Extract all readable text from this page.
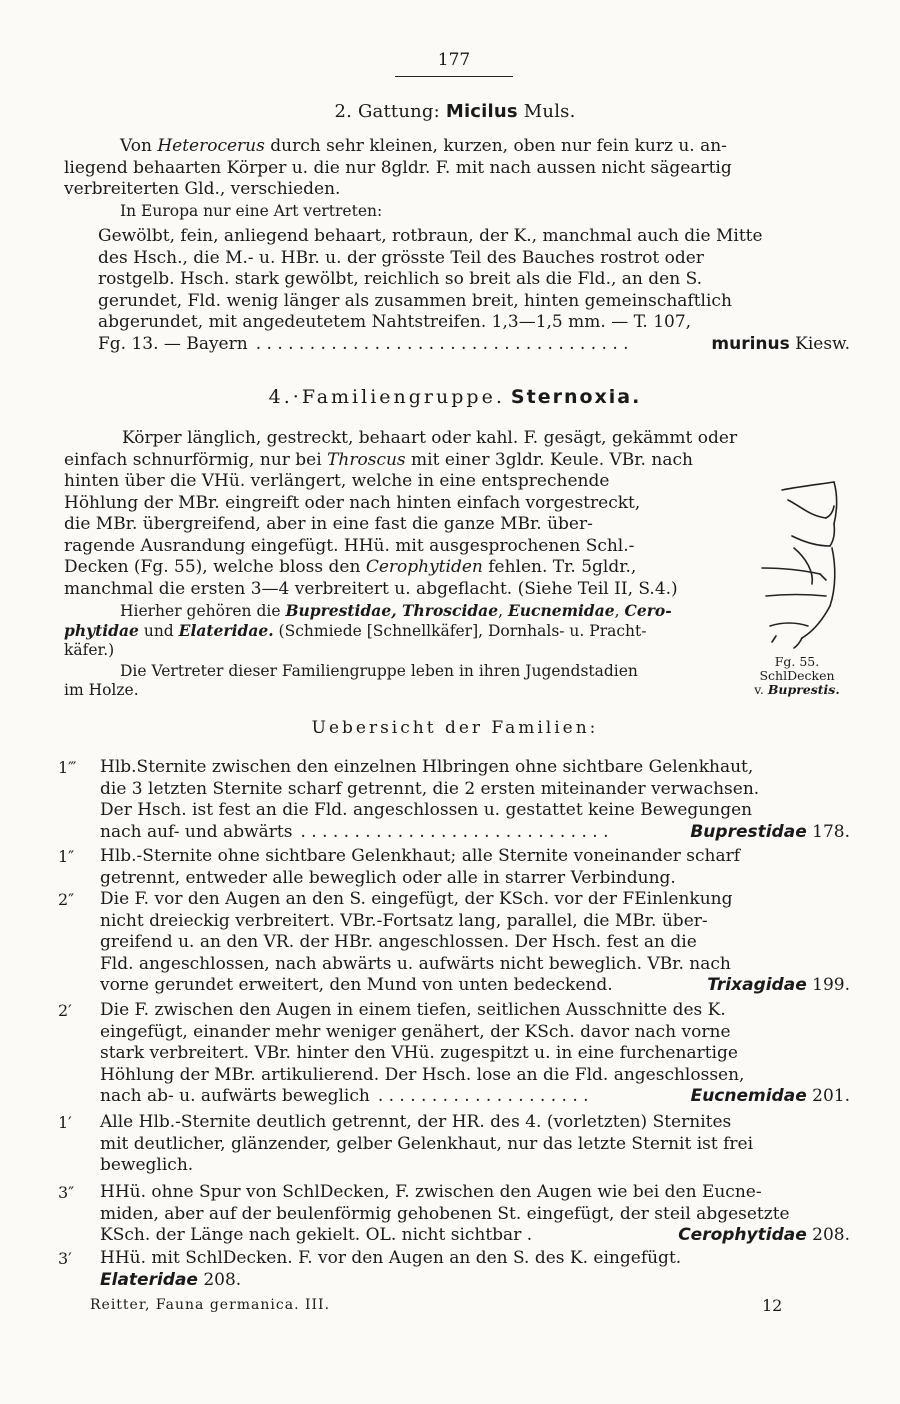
177
2. Gattung: Micilus Muls.

Von Heterocerus durch sehr kleinen, kurzen, oben nur fein kurz u. an-

liegend behaarten Körper u. die nur 8gldr. F. mit nach aussen nicht sägeartig
verbreiterten Gld., verschieden.

In Europa nur eine Art vertreten:

Gewölbt, fein, anliegend behaart, rotbraun, der K., manchmal auch die Mitte
des Hsch., die M.- u. HBr. u. der grösste Teil des Bauches rostrot oder
rostgelb. Hsch. stark gewölbt, reichlich so breit als die Fld., an den S.
gerundet, Fld. wenig länger als zusammen breit, hinten gemeinschaftlich
abgerundet, mit angedeutetem Nahtstreifen. 1,3—1,5 mm. — T. 107,

Fg. 13. — Bayern . . . . . . . . . . . . . . . . . . . . . . . . . . . . . . . . . . .	murinus Kiesw.
4.·Familiengruppe. Sternoxia.

Körper länglich, gestreckt, behaart oder kahl. F. gesägt, gekämmt oder
einfach schnurförmig, nur bei Throscus mit einer 3gldr. Keule. VBr. nach

hinten über die VHü. verlängert, welche in eine entsprechende
Höhlung der MBr. eingreift oder nach hinten einfach vorgestreckt,
die MBr. übergreifend, aber in eine fast die ganze MBr. über-
ragende Ausrandung eingefügt. HHü. mit ausgesprochenen Schl.-
Decken (Fg. 55), welche bloss den Cerophytiden fehlen. Tr. 5gldr.,
manchmal die ersten 3—4 verbreitert u. abgeflacht. (Siehe Teil II, S.4.)

Hierher gehören die Buprestidae, Throscidae, Eucnemidae, Cero-
phytidae und Elateridae. (Schmiede [Schnellkäfer], Dornhals- u. Pracht-
käfer.)

Die Vertreter dieser Familiengruppe leben in ihren Jugendstadien
im Holze.

Fg. 55.
SchlDecken
v. Buprestis.
Uebersicht der Familien:
1‴	Hlb.Sternite zwischen den einzelnen Hlbringen ohne sichtbare Gelenkhaut,
die 3 letzten Sternite scharf getrennt, die 2 ersten miteinander verwachsen.
Der Hsch. ist fest an die Fld. angeschlossen u. gestattet keine Bewegungen
nach auf- und abwärts . . . . . . . . . . . . . . . . . . . . . . . . . . . . .	Buprestidae 178.
1″	Hlb.-Sternite ohne sichtbare Gelenkhaut; alle Sternite voneinander scharf
getrennt, entweder alle beweglich oder alle in starrer Verbindung.
2″	Die F. vor den Augen an den S. eingefügt, der KSch. vor der FEinlenkung
nicht dreieckig verbreitert. VBr.-Fortsatz lang, parallel, die MBr. über-
greifend u. an den VR. der HBr. angeschlossen. Der Hsch. fest an die
Fld. angeschlossen, nach abwärts u. aufwärts nicht beweglich. VBr. nach
vorne gerundet erweitert, den Mund von unten bedeckend.	Trixagidae 199.
2′	Die F. zwischen den Augen in einem tiefen, seitlichen Ausschnitte des K.
eingefügt, einander mehr weniger genähert, der KSch. davor nach vorne
stark verbreitert. VBr. hinter den VHü. zugespitzt u. in eine furchenartige
Höhlung der MBr. artikulierend. Der Hsch. lose an die Fld. angeschlossen,
nach ab- u. aufwärts beweglich . . . . . . . . . . . . . . . . . . . .	Eucnemidae 201.
1′	Alle Hlb.-Sternite deutlich getrennt, der HR. des 4. (vorletzten) Sternites
mit deutlicher, glänzender, gelber Gelenkhaut, nur das letzte Sternit ist frei
beweglich.
3″	HHü. ohne Spur von SchlDecken, F. zwischen den Augen wie bei den Eucne-
miden, aber auf der beulenförmig gehobenen St. eingefügt, der steil abgesetzte
KSch. der Länge nach gekielt. OL. nicht sichtbar .	Cerophytidae 208.
3′	HHü. mit SchlDecken. F. vor den Augen an den S. des K. eingefügt.
Elateridae 208.
Reitter, Fauna germanica. III.	12
